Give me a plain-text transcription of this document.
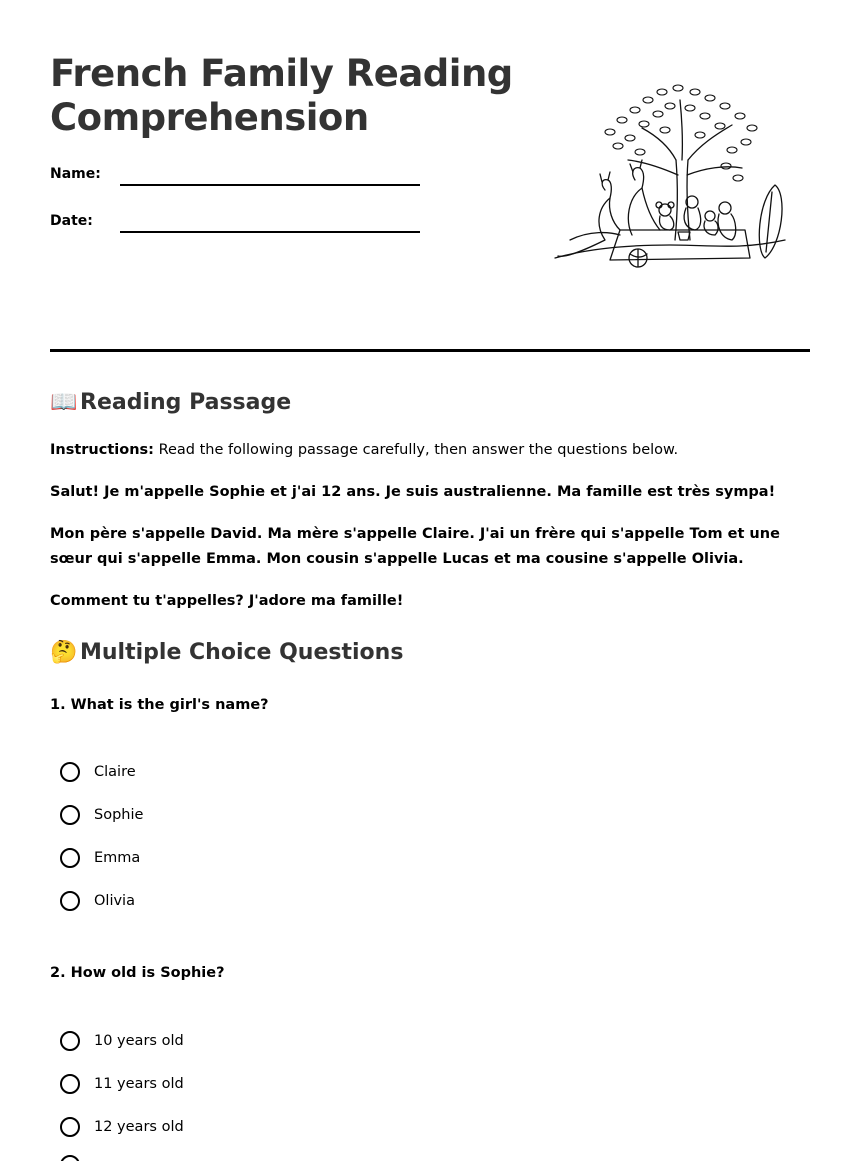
French Family Reading Comprehension
Name:
Date:
📖 Reading Passage

Instructions: Read the following passage carefully, then answer the questions below.

Salut! Je m'appelle Sophie et j'ai 12 ans. Je suis australienne. Ma famille est très sympa!

Mon père s'appelle David. Ma mère s'appelle Claire. J'ai un frère qui s'appelle Tom et une sœur qui s'appelle Emma. Mon cousin s'appelle Lucas et ma cousine s'appelle Olivia.

Comment tu t'appelles? J'adore ma famille!

🤔 Multiple Choice Questions

1. What is the girl's name?

Claire
Sophie
Emma
Olivia

2. How old is Sophie?

10 years old
11 years old
12 years old
